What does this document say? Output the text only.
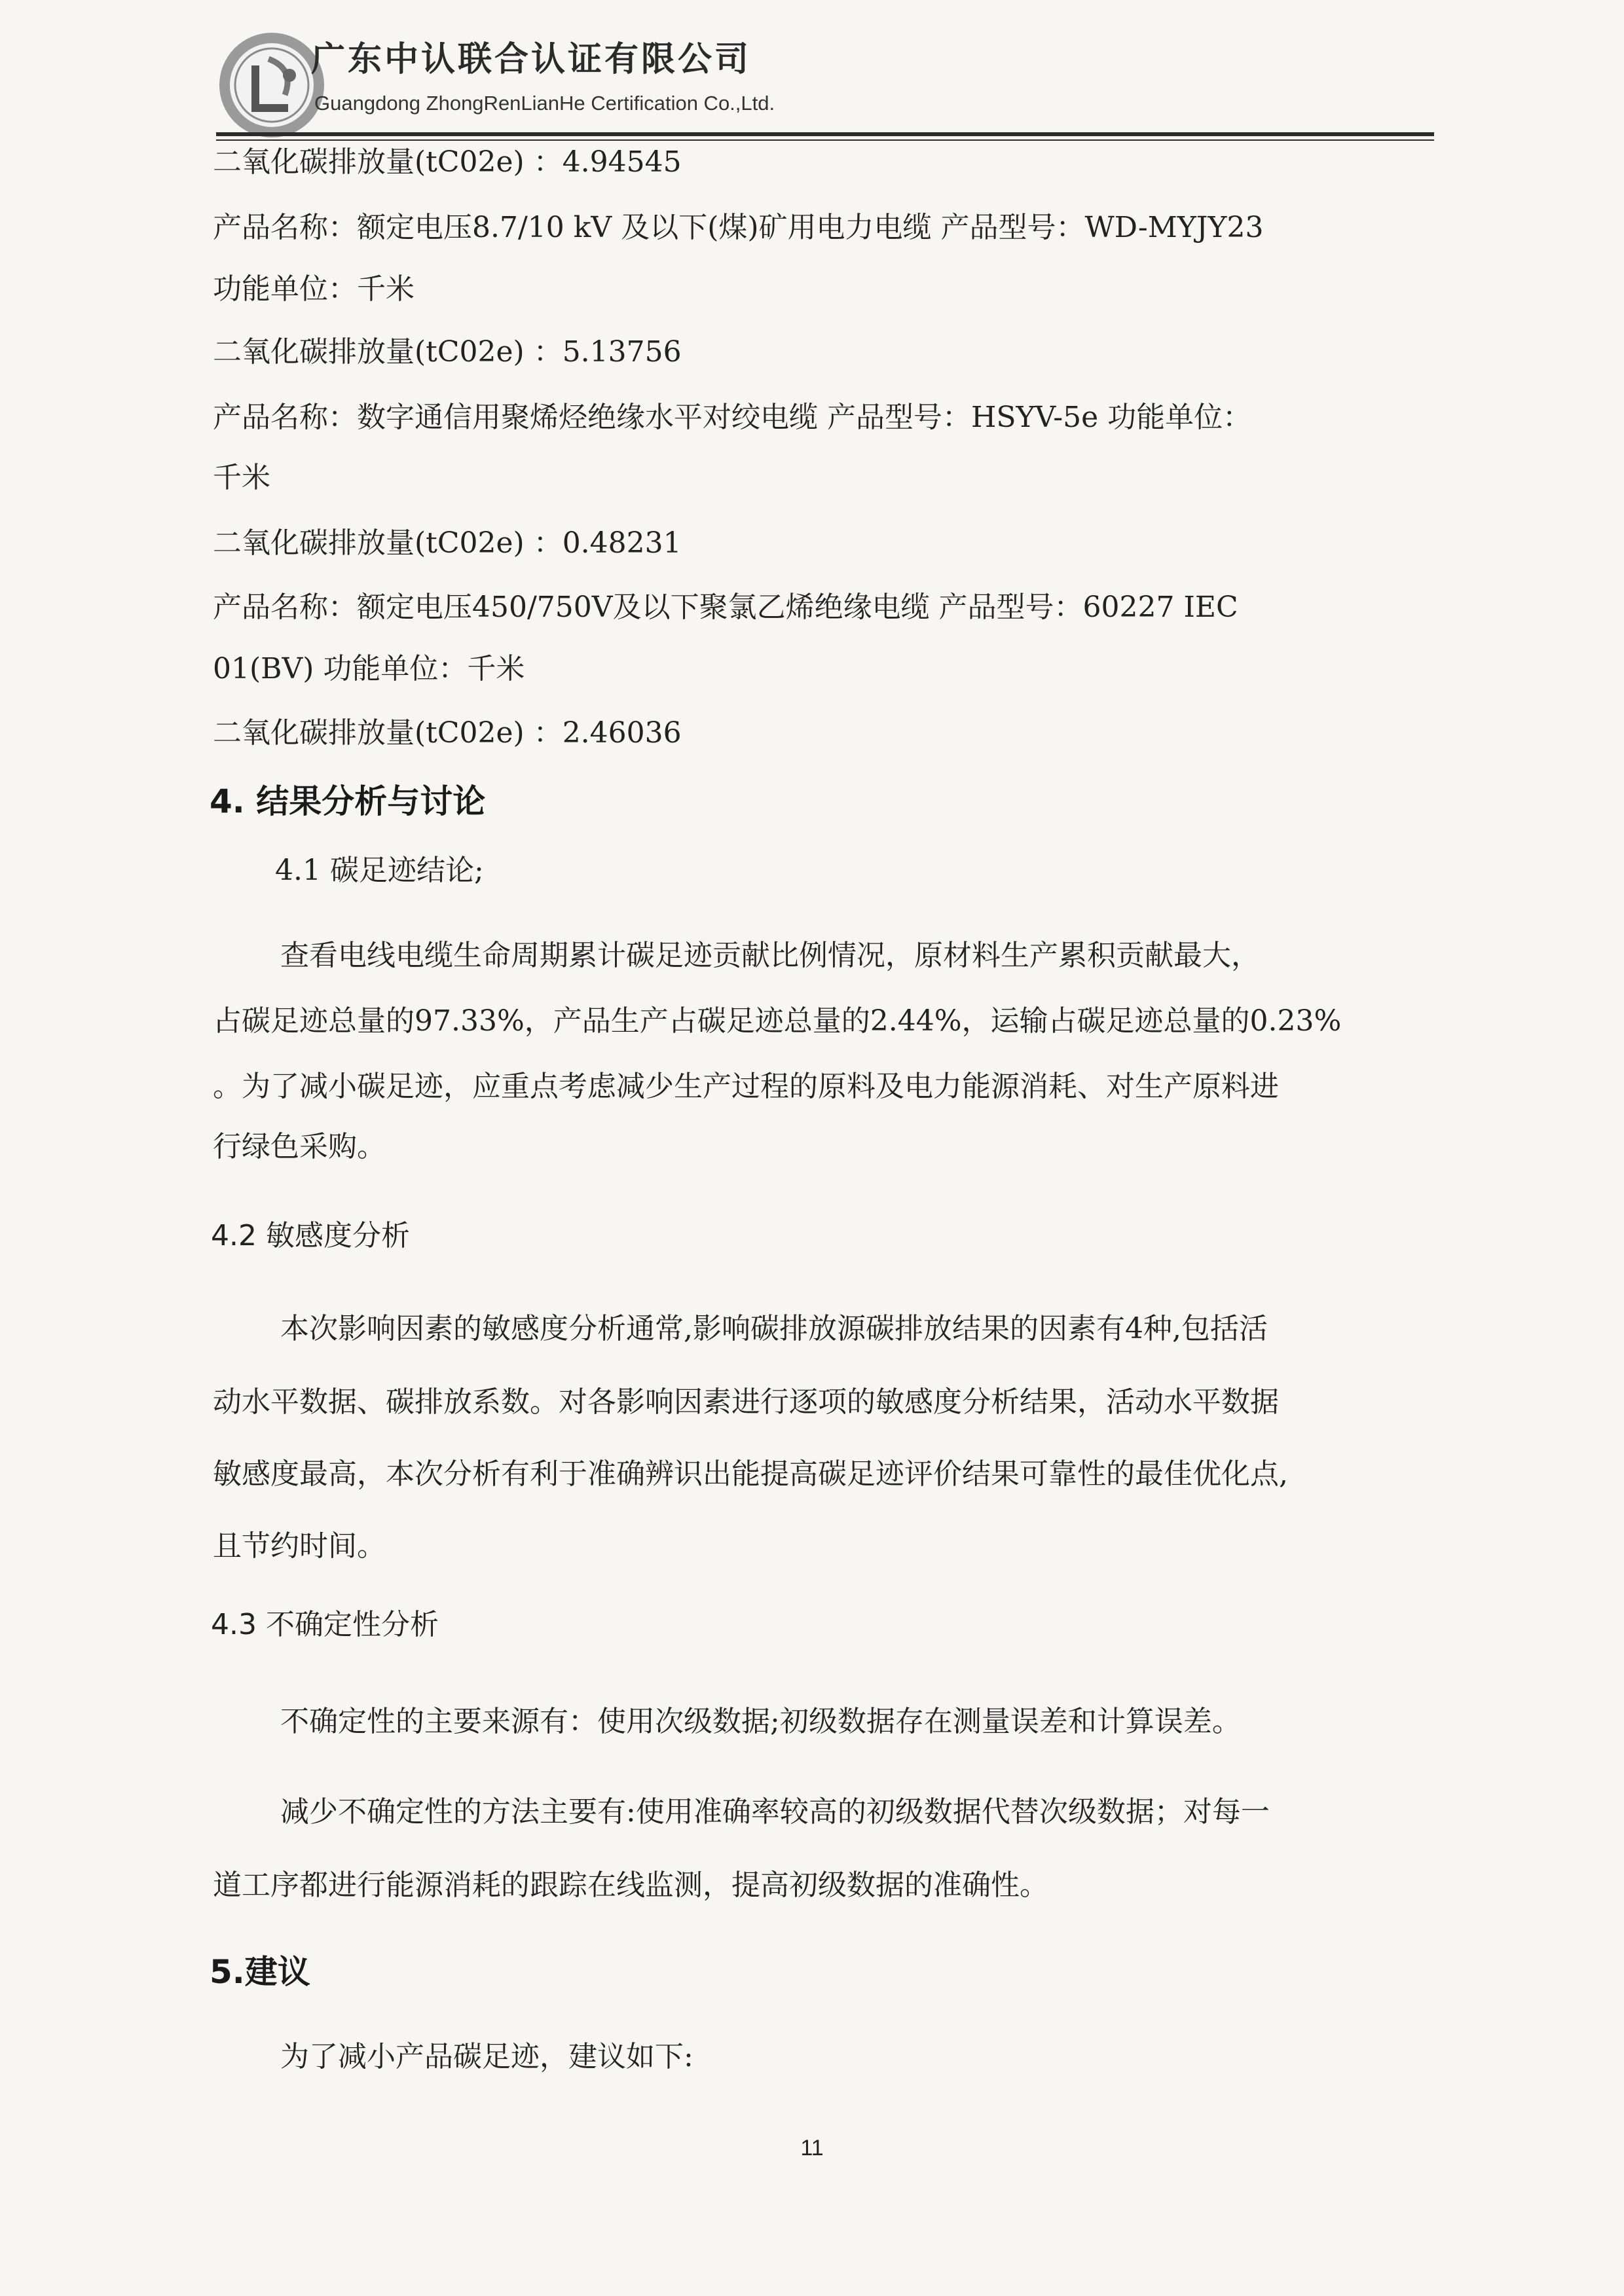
广东中认联合认证有限公司
Guangdong ZhongRenLianHe Certification Co.,Ltd.
二氧化碳排放量(tC02e) ：4.94545
产品名称：额定电压8.7/10 kV 及以下(煤)矿用电力电缆 产品型号：WD-MYJY23
功能单位：千米
二氧化碳排放量(tC02e) ：5.13756
产品名称：数字通信用聚烯烃绝缘水平对绞电缆 产品型号：HSYV-5e 功能单位：
千米
二氧化碳排放量(tC02e) ：0.48231
产品名称：额定电压450/750V及以下聚氯乙烯绝缘电缆 产品型号：60227 IEC
01(BV) 功能单位：千米
二氧化碳排放量(tC02e) ：2.46036
4. 结果分析与讨论
4.1 碳足迹结论;
查看电线电缆生命周期累计碳足迹贡献比例情况，原材料生产累积贡献最大，
占碳足迹总量的97.33%，产品生产占碳足迹总量的2.44%，运输占碳足迹总量的0.23%
。为了减小碳足迹，应重点考虑减少生产过程的原料及电力能源消耗、对生产原料进
行绿色采购。
4.2 敏感度分析
本次影响因素的敏感度分析通常,影响碳排放源碳排放结果的因素有4种,包括活
动水平数据、碳排放系数。对各影响因素进行逐项的敏感度分析结果，活动水平数据
敏感度最高，本次分析有利于准确辨识出能提高碳足迹评价结果可靠性的最佳优化点,
且节约时间。
4.3 不确定性分析
不确定性的主要来源有：使用次级数据;初级数据存在测量误差和计算误差。
减少不确定性的方法主要有:使用准确率较高的初级数据代替次级数据；对每一
道工序都进行能源消耗的跟踪在线监测，提高初级数据的准确性。
5.建议
为了减小产品碳足迹，建议如下:
11
